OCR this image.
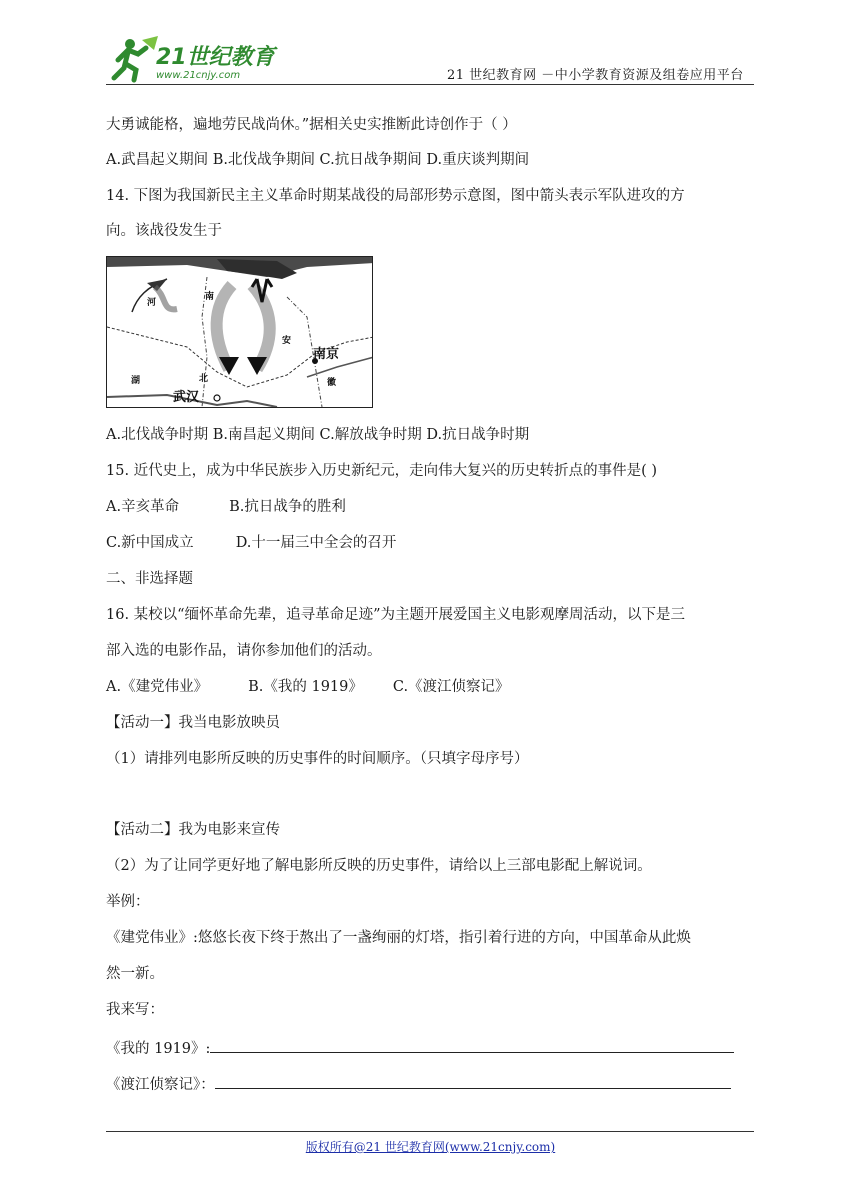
21世纪教育
www.21cnjy.com	21 世纪教育网 －中小学教育资源及组卷应用平台
大勇诚能格，遍地劳民战尚休。”据相关史实推断此诗创作于（ ）
A.武昌起义期间 B.北伐战争期间 C.抗日战争期间 D.重庆谈判期间
14. 下图为我国新民主主义革命时期某战役的局部形势示意图，图中箭头表示军队进攻的方
向。该战役发生于
河
南
安
湖	北	徽
南京
武汉
A.北伐战争时期 B.南昌起义期间 C.解放战争时期 D.抗日战争时期
15. 近代史上，成为中华民族步入历史新纪元，走向伟大复兴的历史转折点的事件是( )
A.辛亥革命	B.抗日战争的胜利
C.新中国成立	D.十一届三中全会的召开
二、非选择题
16. 某校以“缅怀革命先辈，追寻革命足迹”为主题开展爱国主义电影观摩周活动，以下是三
部入选的电影作品，请你参加他们的活动。
A.《建党伟业》	B.《我的 1919》 C.《渡江侦察记》
【活动一】我当电影放映员
（1）请排列电影所反映的历史事件的时间顺序。（只填字母序号）
【活动二】我为电影来宣传
（2）为了让同学更好地了解电影所反映的历史事件，请给以上三部电影配上解说词。
举例：
《建党伟业》:悠悠长夜下终于熬出了一盏绚丽的灯塔，指引着行进的方向，中国革命从此焕
然一新。
我来写：
《我的 1919》:
《渡江侦察记》：
版权所有@21 世纪教育网(www.21cnjy.com)
